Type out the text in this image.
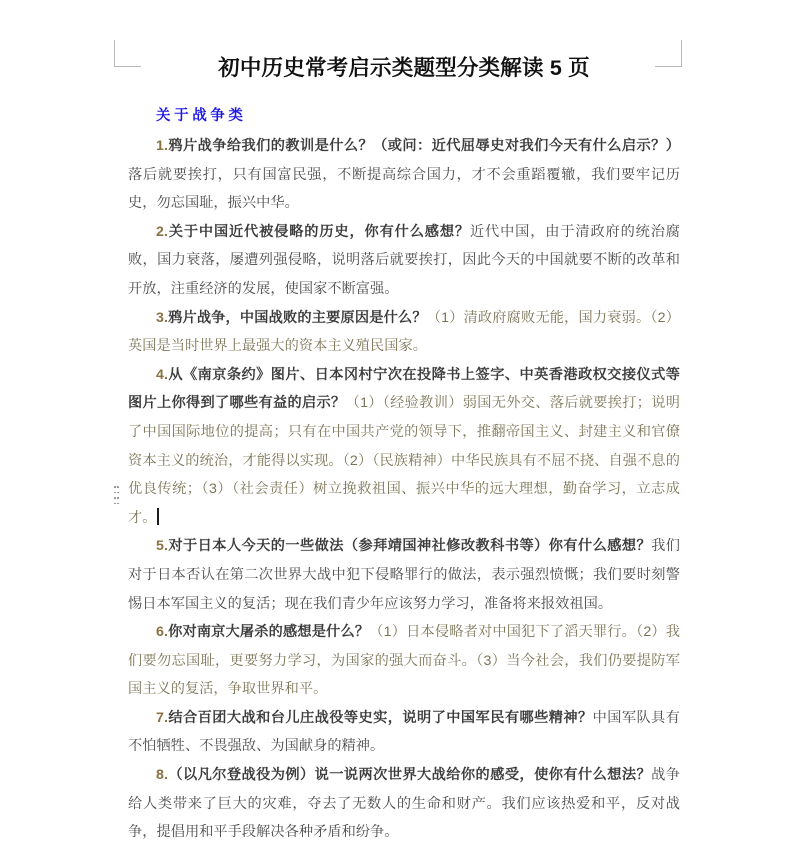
初中历史常考启示类题型分类解读 5 页
关于战争类

1.鸦片战争给我们的教训是什么？（或问：近代屈辱史对我们今天有什么启示？）落后就要挨打，只有国富民强，不断提高综合国力，才不会重蹈覆辙，我们要牢记历史，勿忘国耻，振兴中华。

2.关于中国近代被侵略的历史，你有什么感想？近代中国，由于清政府的统治腐败，国力衰落，屡遭列强侵略，说明落后就要挨打，因此今天的中国就要不断的改革和开放，注重经济的发展，使国家不断富强。

3.鸦片战争，中国战败的主要原因是什么？（1）清政府腐败无能，国力衰弱。（2）英国是当时世界上最强大的资本主义殖民国家。

4.从《南京条约》图片、日本冈村宁次在投降书上签字、中英香港政权交接仪式等图片上你得到了哪些有益的启示？（1）（经验教训）弱国无外交、落后就要挨打；说明了中国国际地位的提高；只有在中国共产党的领导下，推翻帝国主义、封建主义和官僚资本主义的统治，才能得以实现。（2）（民族精神）中华民族具有不屈不挠、自强不息的优良传统；（3）（社会责任）树立挽救祖国、振兴中华的远大理想，勤奋学习，立志成才。

5.对于日本人今天的一些做法（参拜靖国神社修改教科书等）你有什么感想？我们对于日本否认在第二次世界大战中犯下侵略罪行的做法，表示强烈愤慨；我们要时刻警惕日本军国主义的复活；现在我们青少年应该努力学习，准备将来报效祖国。

6.你对南京大屠杀的感想是什么？（1）日本侵略者对中国犯下了滔天罪行。（2）我们要勿忘国耻，更要努力学习，为国家的强大而奋斗。（3）当今社会，我们仍要提防军国主义的复活，争取世界和平。

7.结合百团大战和台儿庄战役等史实，说明了中国军民有哪些精神？中国军队具有不怕牺牲、不畏强敌、为国献身的精神。

8.（以凡尔登战役为例）说一说两次世界大战给你的感受，使你有什么想法？战争给人类带来了巨大的灾难，夺去了无数人的生命和财产。我们应该热爱和平，反对战争，提倡用和平手段解决各种矛盾和纷争。
